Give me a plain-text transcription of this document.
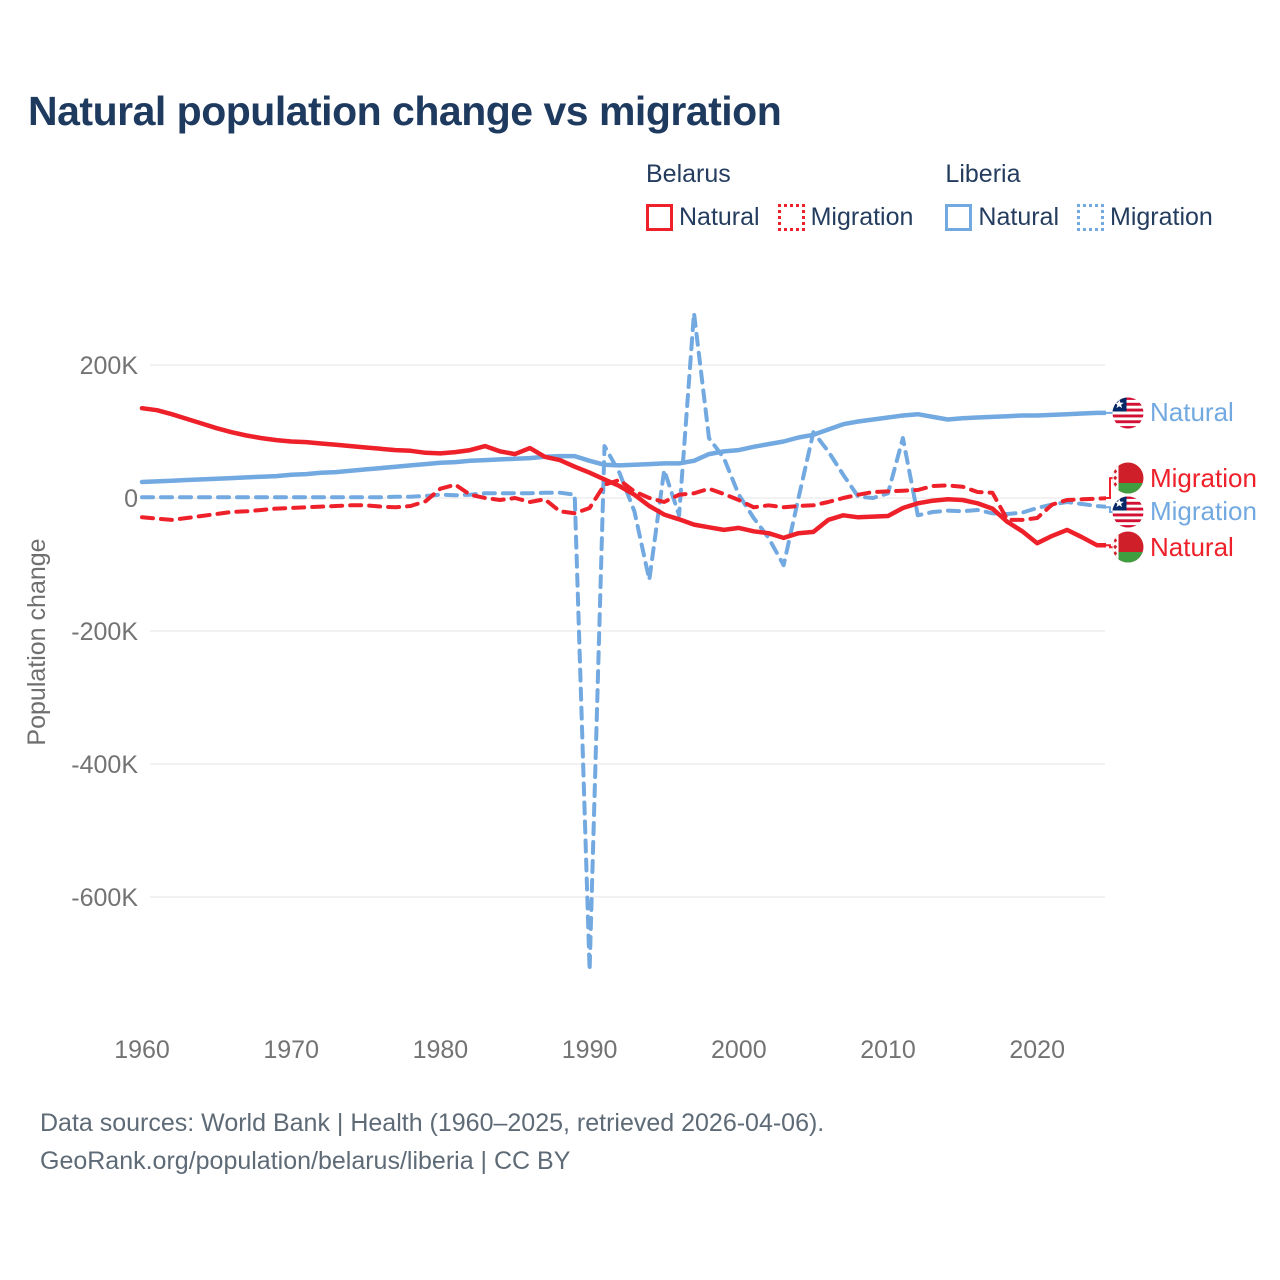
Natural population change vs migration
Belarus
Natural Migration
Liberia
Natural Migration
200K
0
-200K
-400K
-600K
1960	1970	1980	1990	2000	2010	2020
Population change
Natural
Migration
Migration
Natural
Data sources: World Bank | Health (1960–2025, retrieved 2026-04-06).
GeoRank.org/population/belarus/liberia | CC BY
